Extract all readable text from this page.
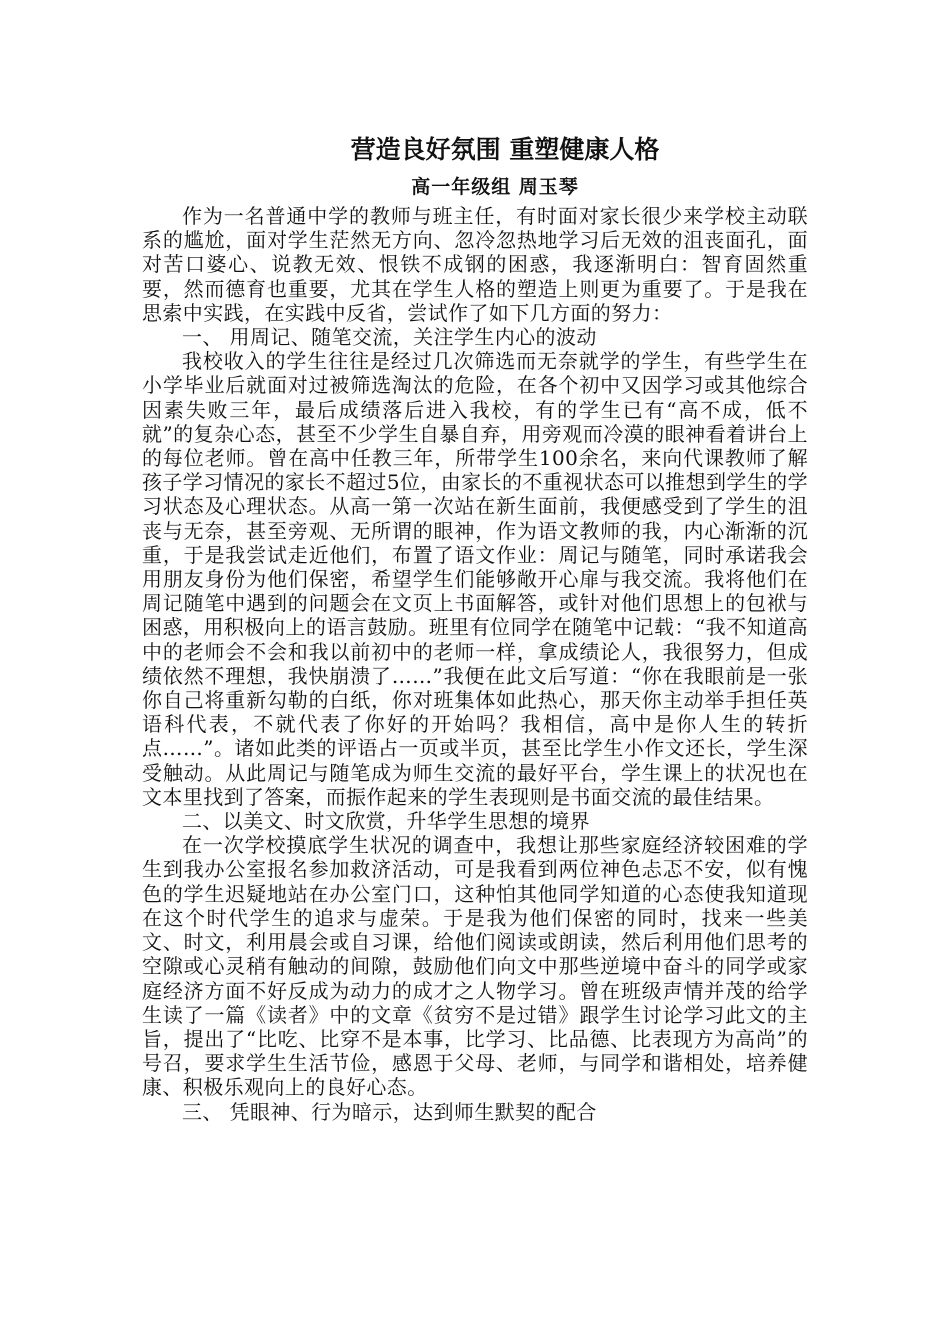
营造良好氛围 重塑健康人格
高一年级组 周玉琴

作为一名普通中学的教师与班主任，有时面对家长很少来学校主动联系的尴尬，面对学生茫然无方向、忽冷忽热地学习后无效的沮丧面孔，面对苦口婆心、说教无效、恨铁不成钢的困惑，我逐渐明白：智育固然重要，然而德育也重要，尤其在学生人格的塑造上则更为重要了。于是我在思索中实践，在实践中反省，尝试作了如下几方面的努力：

一、 用周记、随笔交流，关注学生内心的波动

我校收入的学生往往是经过几次筛选而无奈就学的学生，有些学生在小学毕业后就面对过被筛选淘汰的危险，在各个初中又因学习或其他综合因素失败三年，最后成绩落后进入我校，有的学生已有“高不成，低不就”的复杂心态，甚至不少学生自暴自弃，用旁观而冷漠的眼神看着讲台上的每位老师。曾在高中任教三年，所带学生100余名，来向代课教师了解孩子学习情况的家长不超过5位，由家长的不重视状态可以推想到学生的学习状态及心理状态。从高一第一次站在新生面前，我便感受到了学生的沮丧与无奈，甚至旁观、无所谓的眼神，作为语文教师的我，内心渐渐的沉重，于是我尝试走近他们，布置了语文作业：周记与随笔，同时承诺我会用朋友身份为他们保密，希望学生们能够敞开心扉与我交流。我将他们在周记随笔中遇到的问题会在文页上书面解答，或针对他们思想上的包袱与困惑，用积极向上的语言鼓励。班里有位同学在随笔中记载：“我不知道高中的老师会不会和我以前初中的老师一样，拿成绩论人，我很努力，但成绩依然不理想，我快崩溃了……”我便在此文后写道：“你在我眼前是一张你自己将重新勾勒的白纸，你对班集体如此热心，那天你主动举手担任英语科代表，不就代表了你好的开始吗？我相信，高中是你人生的转折点……”。诸如此类的评语占一页或半页，甚至比学生小作文还长，学生深受触动。从此周记与随笔成为师生交流的最好平台，学生课上的状况也在文本里找到了答案，而振作起来的学生表现则是书面交流的最佳结果。

二、以美文、时文欣赏，升华学生思想的境界

在一次学校摸底学生状况的调查中，我想让那些家庭经济较困难的学生到我办公室报名参加救济活动，可是我看到两位神色忐忑不安，似有愧色的学生迟疑地站在办公室门口，这种怕其他同学知道的心态使我知道现在这个时代学生的追求与虚荣。于是我为他们保密的同时，找来一些美文、时文，利用晨会或自习课，给他们阅读或朗读，然后利用他们思考的空隙或心灵稍有触动的间隙，鼓励他们向文中那些逆境中奋斗的同学或家庭经济方面不好反成为动力的成才之人物学习。曾在班级声情并茂的给学生读了一篇《读者》中的文章《贫穷不是过错》跟学生讨论学习此文的主旨，提出了“比吃、比穿不是本事，比学习、比品德、比表现方为高尚”的号召，要求学生生活节俭，感恩于父母、老师，与同学和谐相处，培养健康、积极乐观向上的良好心态。

三、 凭眼神、行为暗示，达到师生默契的配合
